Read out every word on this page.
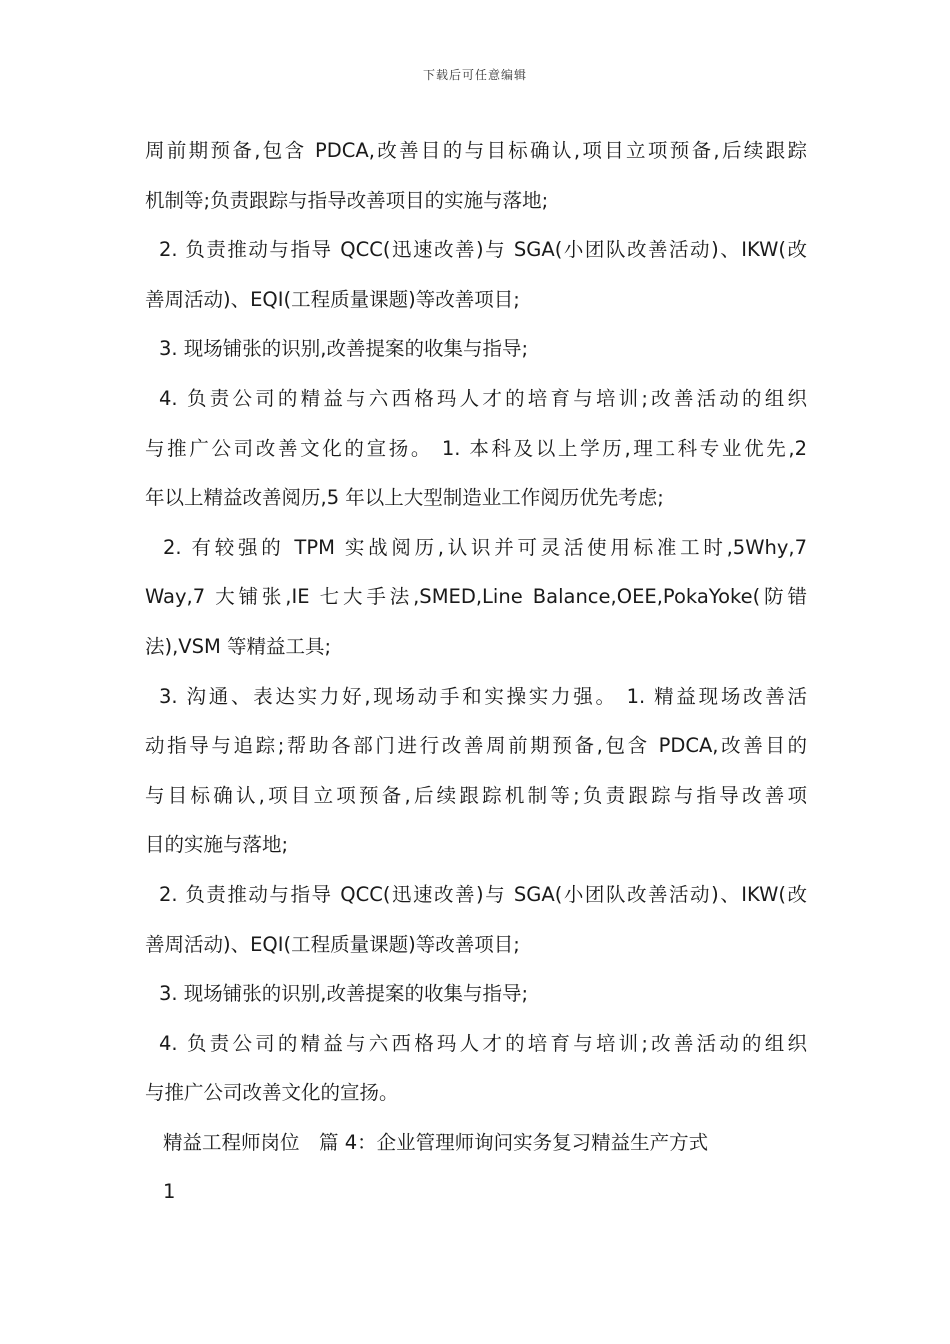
下载后可任意编辑
周前期预备,包含 PDCA,改善目的与目标确认,项目立项预备,后续跟踪
机制等;负责跟踪与指导改善项目的实施与落地;
2. 负责推动与指导 QCC(迅速改善)与 SGA(小团队改善活动)、IKW(改
善周活动)、EQI(工程质量课题)等改善项目;
3. 现场铺张的识别,改善提案的收集与指导;
4. 负责公司的精益与六西格玛人才的培育与培训;改善活动的组织
与推广公司改善文化的宣扬。 1. 本科及以上学历,理工科专业优先,2
年以上精益改善阅历,5 年以上大型制造业工作阅历优先考虑;
2. 有较强的 TPM 实战阅历,认识并可灵活使用标准工时,5Why,7
Way,7 大铺张,IE 七大手法,SMED,Line Balance,OEE,PokaYoke(防错
法),VSM 等精益工具;
3. 沟通、表达实力好,现场动手和实操实力强。 1. 精益现场改善活
动指导与追踪;帮助各部门进行改善周前期预备,包含 PDCA,改善目的
与目标确认,项目立项预备,后续跟踪机制等;负责跟踪与指导改善项
目的实施与落地;
2. 负责推动与指导 QCC(迅速改善)与 SGA(小团队改善活动)、IKW(改
善周活动)、EQI(工程质量课题)等改善项目;
3. 现场铺张的识别,改善提案的收集与指导;
4. 负责公司的精益与六西格玛人才的培育与培训;改善活动的组织
与推广公司改善文化的宣扬。
精益工程师岗位　篇 4：企业管理师询问实务复习精益生产方式
1
